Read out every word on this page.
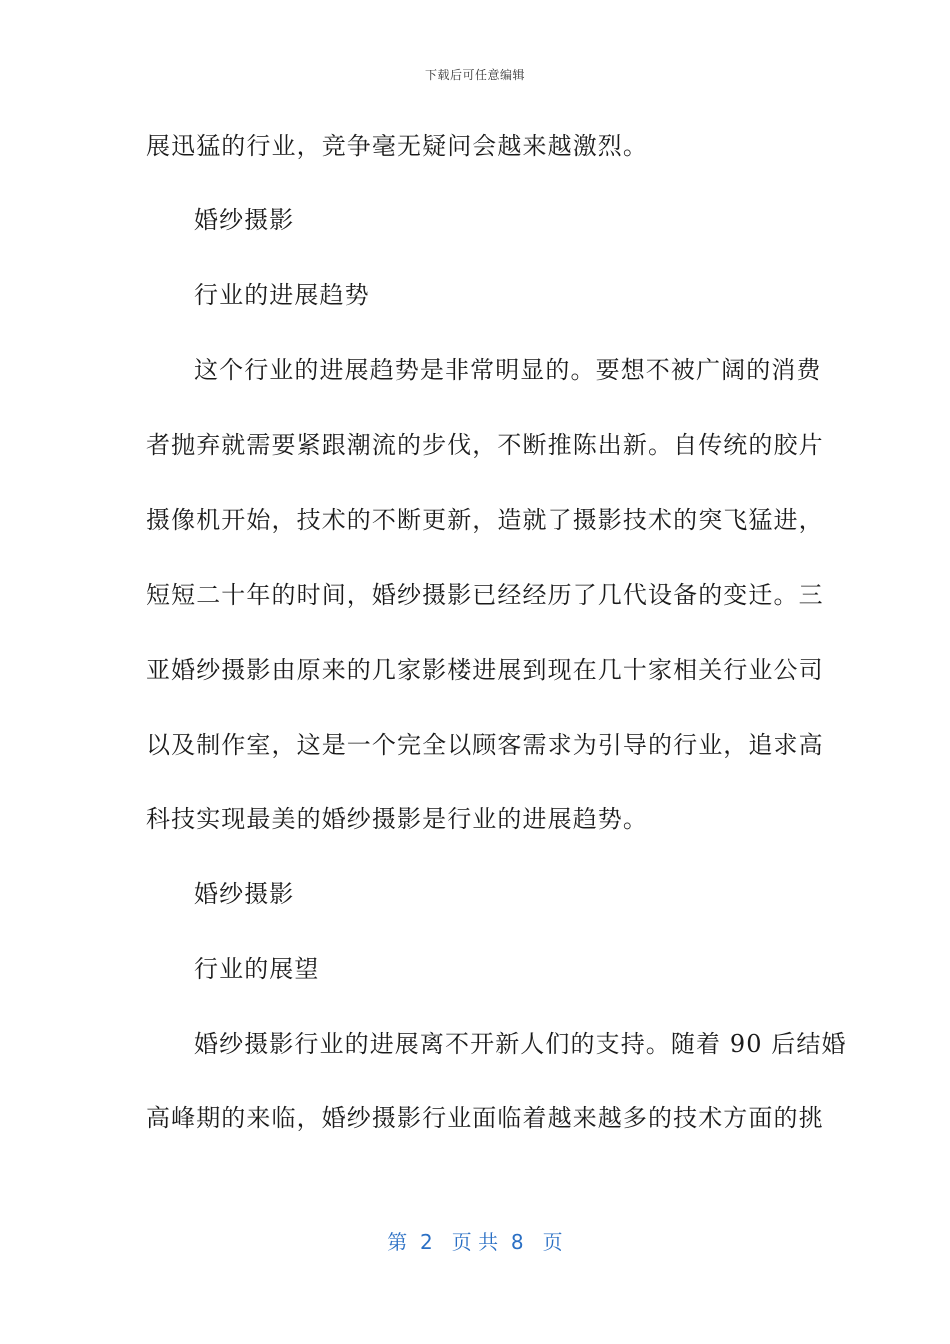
下载后可任意编辑
展迅猛的行业，竞争毫无疑问会越来越激烈。
婚纱摄影
行业的进展趋势
这个行业的进展趋势是非常明显的。要想不被广阔的消费
者抛弃就需要紧跟潮流的步伐，不断推陈出新。自传统的胶片
摄像机开始，技术的不断更新，造就了摄影技术的突飞猛进，
短短二十年的时间，婚纱摄影已经经历了几代设备的变迁。三
亚婚纱摄影由原来的几家影楼进展到现在几十家相关行业公司
以及制作室，这是一个完全以顾客需求为引导的行业，追求高
科技实现最美的婚纱摄影是行业的进展趋势。
婚纱摄影
行业的展望
婚纱摄影行业的进展离不开新人们的支持。随着 90 后结婚
高峰期的来临，婚纱摄影行业面临着越来越多的技术方面的挑
第  2   页 共  8   页
